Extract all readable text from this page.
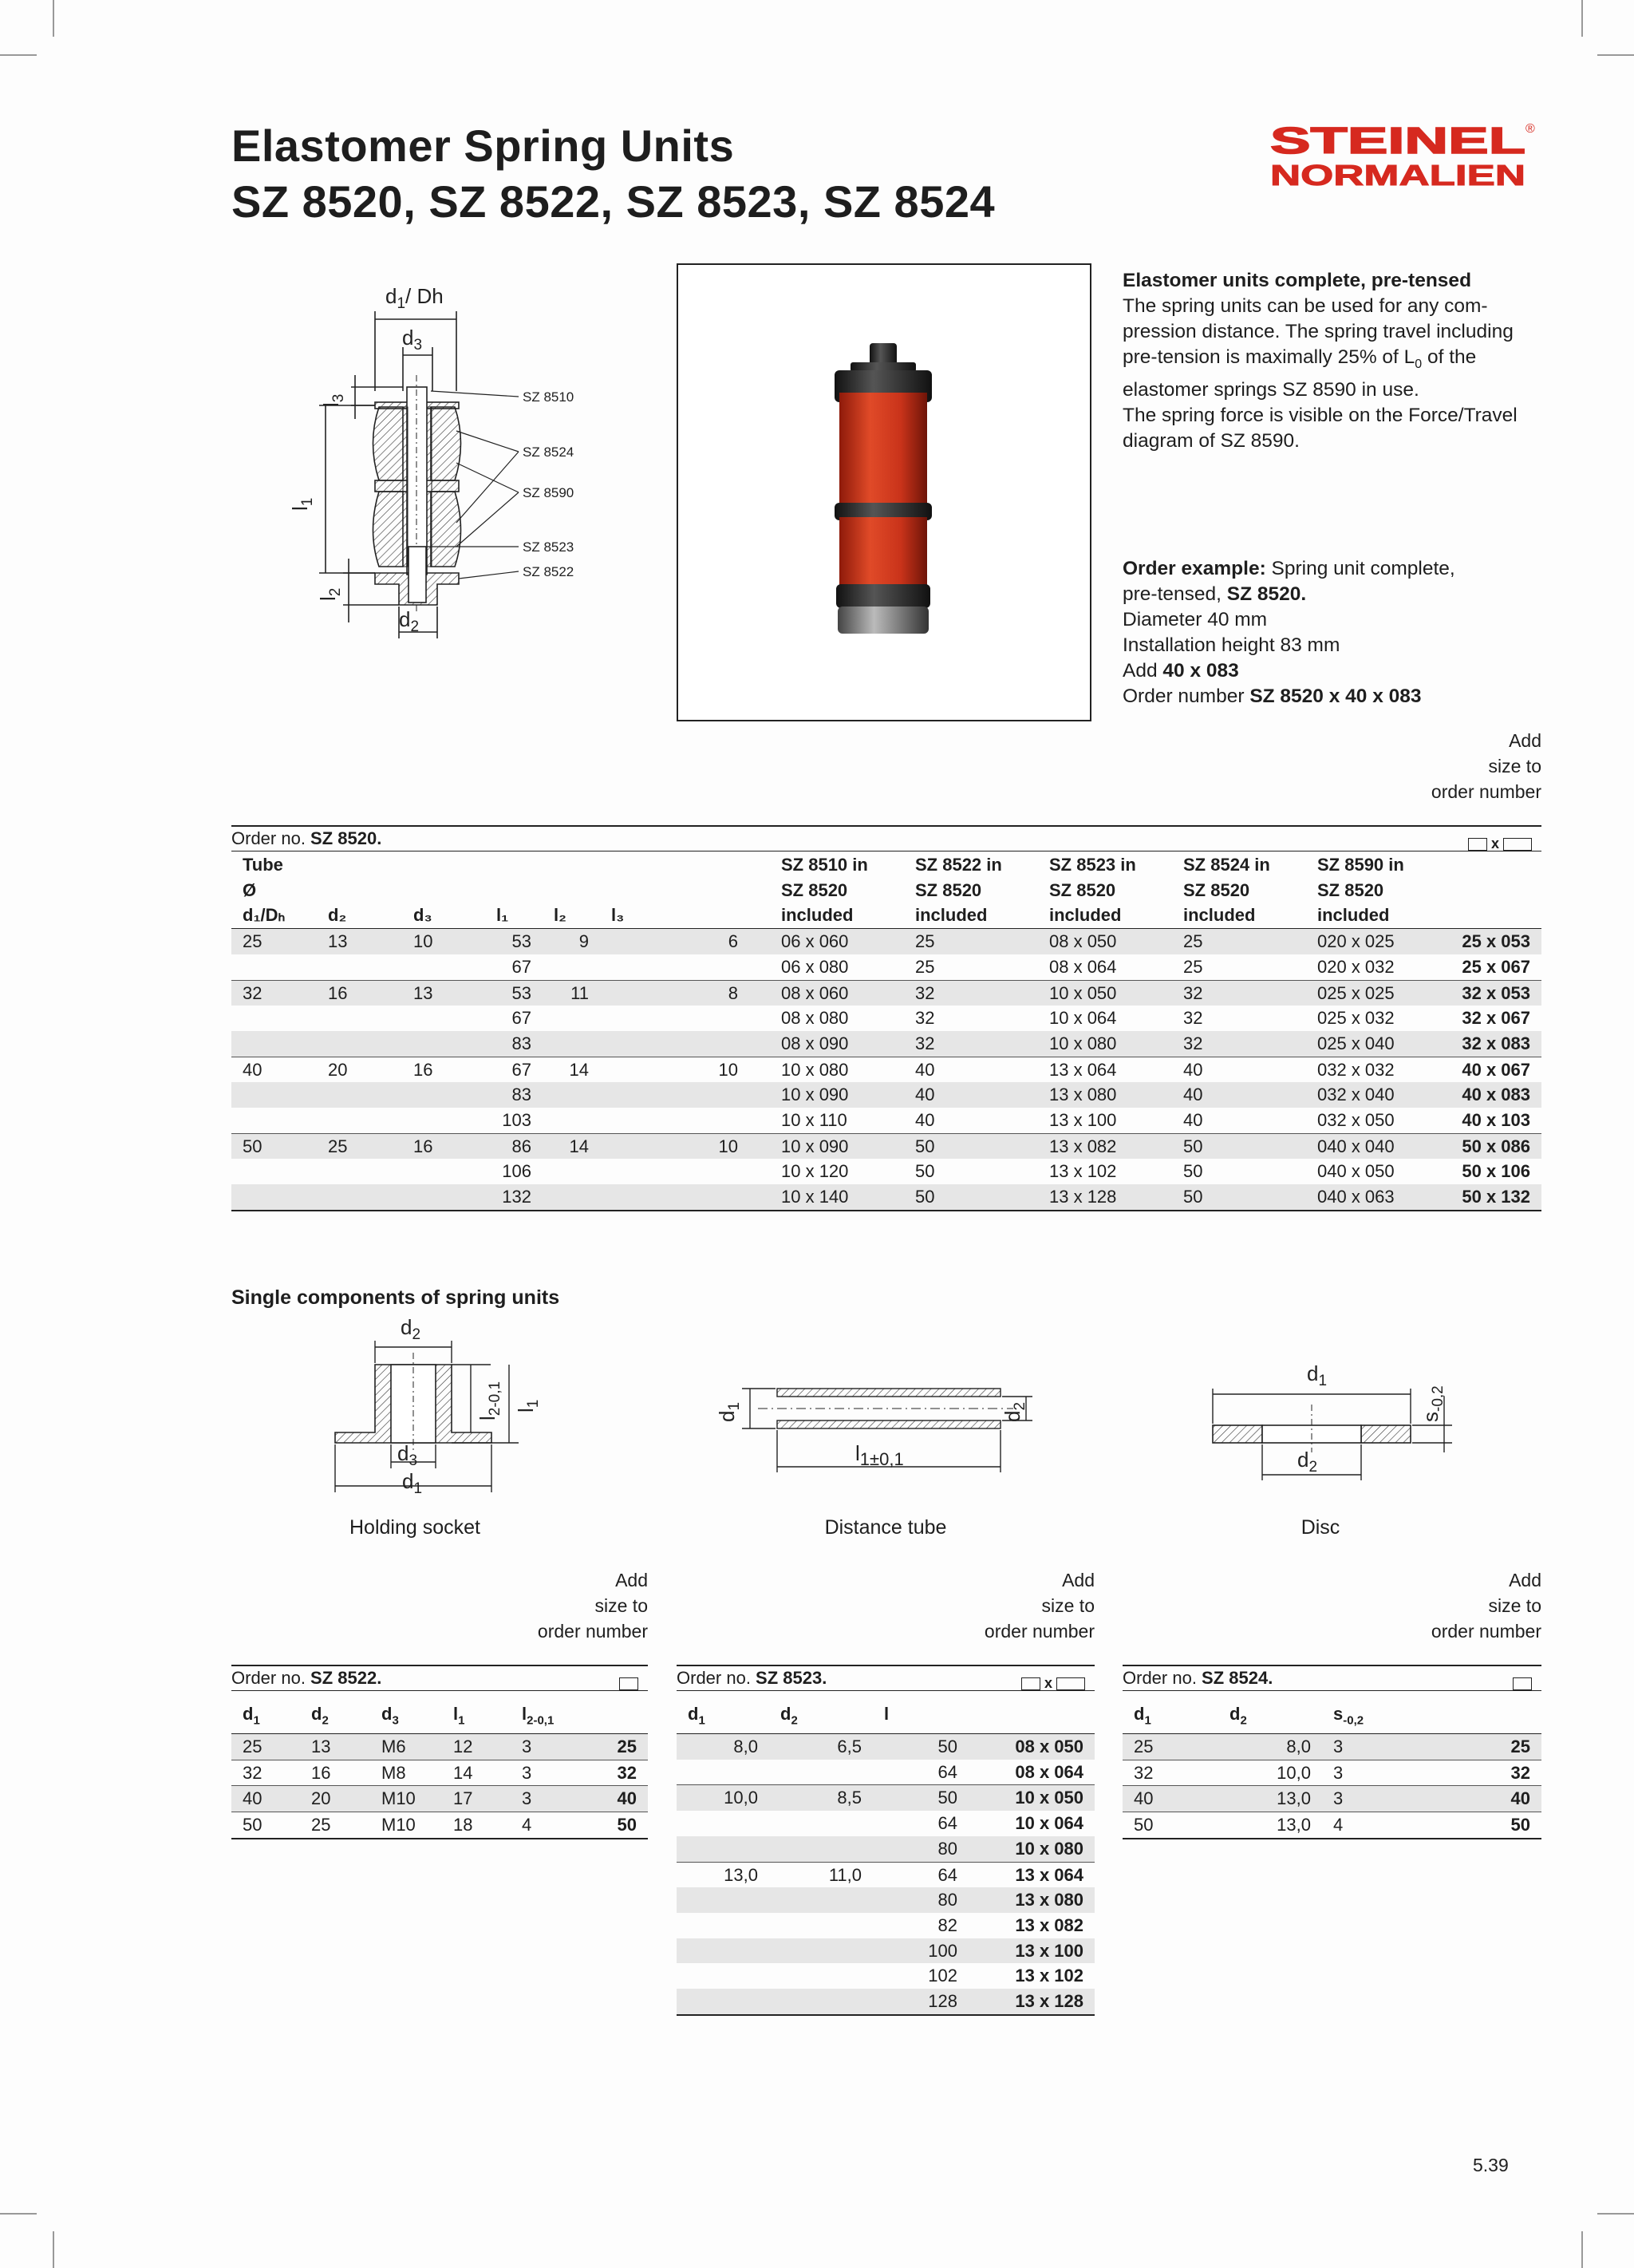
Elastomer Spring Units
SZ 8520, SZ 8522, SZ 8523, SZ 8524
STEINEL
NORMALIEN
®
SZ 8510
SZ 8524
SZ 8590
SZ 8523
SZ 8522
$d_1/$ Dh
$d_3$
$d_2$
$l_3$
$l_1$
$l_2$
Elastomer units complete, pre-tensed
The spring units can be used for any com-
pression distance. The spring travel including
pre-tension is maximally 25% of $L_0$ of the
elastomer springs SZ 8590 in use.
The spring force is visible on the Force/Travel
diagram of SZ 8590.
Order example: Spring unit complete,
pre-tensed, SZ 8520.
Diameter 40 mm
Installation height 83 mm
Add 40 x 083
Order number SZ 8520 x 40 x 083
Add
size to
order number
Order no. SZ 8520.	x
Tube						SZ 8510 in	SZ 8522 in	SZ 8523 in	SZ 8524 in	SZ 8590 in	
Ø						SZ 8520	SZ 8520	SZ 8520	SZ 8520	SZ 8520	
d₁/Dₕ	d₂	d₃	l₁	l₂	l₃	included	included	included	included	included	
25	13	10	53	9	6	06 x 060	25	08 x 050	25	020 x 025	25 x 053
			67			06 x 080	25	08 x 064	25	020 x 032	25 x 067
32	16	13	53	11	8	08 x 060	32	10 x 050	32	025 x 025	32 x 053
			67			08 x 080	32	10 x 064	32	025 x 032	32 x 067
			83			08 x 090	32	10 x 080	32	025 x 040	32 x 083
40	20	16	67	14	10	10 x 080	40	13 x 064	40	032 x 032	40 x 067
			83			10 x 090	40	13 x 080	40	032 x 040	40 x 083
			103			10 x 110	40	13 x 100	40	032 x 050	40 x 103
50	25	16	86	14	10	10 x 090	50	13 x 082	50	040 x 040	50 x 086
			106			10 x 120	50	13 x 102	50	040 x 050	50 x 106
			132			10 x 140	50	13 x 128	50	040 x 063	50 x 132
Single components of spring units
$d_2$
$d_3$
$d_1$
$l_{2-0,1}$ $l_1$
Holding socket
$l_{1\pm 0,1}$
$d_1$
$d_2$
Distance tube
$d_1$
$d_2$
$s_{-0,2}$
Disc
Add
size to
order number
Add
size to
order number
Add
size to
order number
Order no. SZ 8522.
$d_1$	$d_2$	$d_3$	$l_1$	$l_{2-0,1}$	
25	13	M6	12	3	25
32	16	M8	14	3	32
40	20	M10	17	3	40
50	25	M10	18	4	50
Order no. SZ 8523.	x
$d_1$	$d_2$	l	
8,0	6,5	50	08 x 050
		64	08 x 064
10,0	8,5	50	10 x 050
		64	10 x 064
		80	10 x 080
13,0	11,0	64	13 x 064
		80	13 x 080
		82	13 x 082
		100	13 x 100
		102	13 x 102
		128	13 x 128
Order no. SZ 8524.
$d_1$	$d_2$	$s_{-0,2}$	
25	8,0	3	25
32	10,0	3	32
40	13,0	3	40
50	13,0	4	50
5.39
